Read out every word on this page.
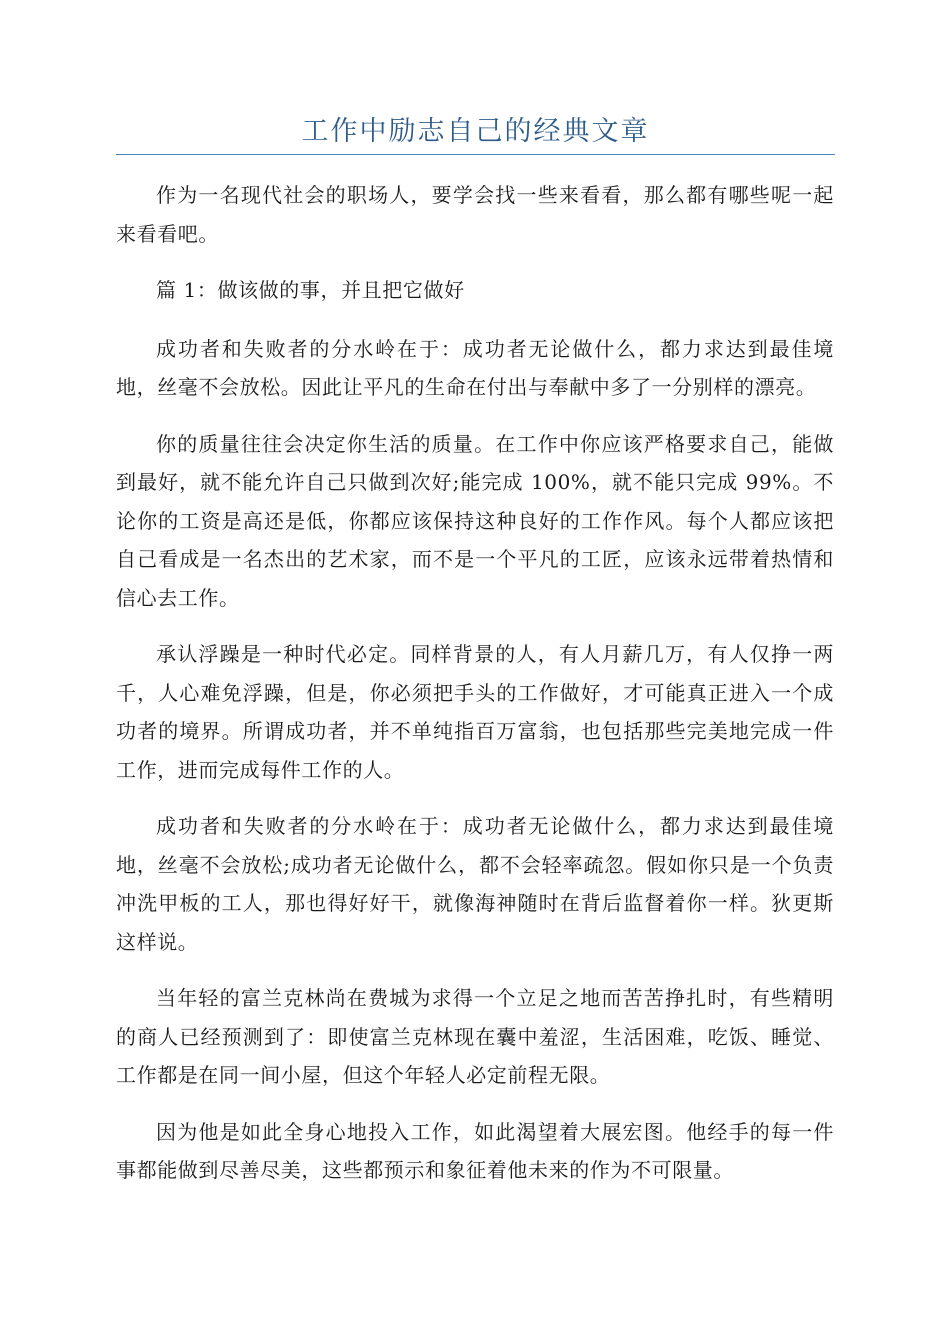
工作中励志自己的经典文章

作为一名现代社会的职场人，要学会找一些来看看，那么都有哪些呢一起来看看吧。

篇 1：做该做的事，并且把它做好

成功者和失败者的分水岭在于：成功者无论做什么，都力求达到最佳境地，丝毫不会放松。因此让平凡的生命在付出与奉献中多了一分别样的漂亮。

你的质量往往会决定你生活的质量。在工作中你应该严格要求自己，能做到最好，就不能允许自己只做到次好;能完成 100%，就不能只完成 99%。不论你的工资是高还是低，你都应该保持这种良好的工作作风。每个人都应该把自己看成是一名杰出的艺术家，而不是一个平凡的工匠，应该永远带着热情和信心去工作。

承认浮躁是一种时代必定。同样背景的人，有人月薪几万，有人仅挣一两千，人心难免浮躁，但是，你必须把手头的工作做好，才可能真正进入一个成功者的境界。所谓成功者，并不单纯指百万富翁，也包括那些完美地完成一件工作，进而完成每件工作的人。

成功者和失败者的分水岭在于：成功者无论做什么，都力求达到最佳境地，丝毫不会放松;成功者无论做什么，都不会轻率疏忽。假如你只是一个负责冲洗甲板的工人，那也得好好干，就像海神随时在背后监督着你一样。狄更斯这样说。

当年轻的富兰克林尚在费城为求得一个立足之地而苦苦挣扎时，有些精明的商人已经预测到了：即使富兰克林现在囊中羞涩，生活困难，吃饭、睡觉、工作都是在同一间小屋，但这个年轻人必定前程无限。

因为他是如此全身心地投入工作，如此渴望着大展宏图。他经手的每一件事都能做到尽善尽美，这些都预示和象征着他未来的作为不可限量。
